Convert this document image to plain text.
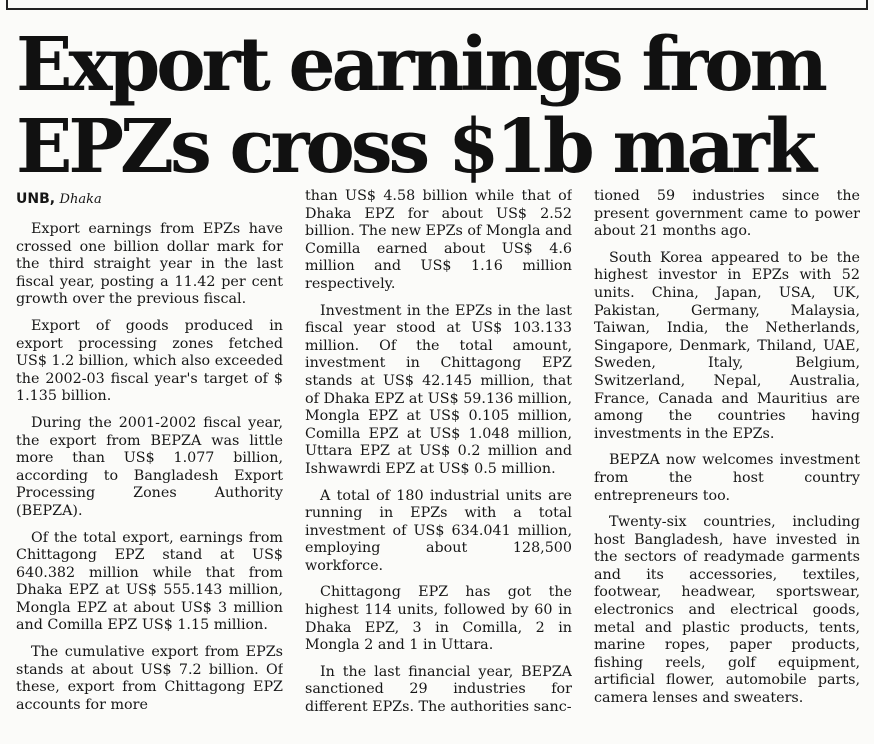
Export earnings from EPZs cross $1b mark
UNB, Dhaka

Export earnings from EPZs have crossed one billion dollar mark for the third straight year in the last fiscal year, posting a 11.42 per cent growth over the previous fiscal.

Export of goods produced in export processing zones fetched US$ 1.2 billion, which also exceeded the 2002-03 fiscal year's target of $ 1.135 billion.

During the 2001-2002 fiscal year, the export from BEPZA was little more than US$ 1.077 billion, according to Bangladesh Export Processing Zones Authority (BEPZA).

Of the total export, earnings from Chittagong EPZ stand at US$ 640.382 million while that from Dhaka EPZ at US$ 555.143 million, Mongla EPZ at about US$ 3 million and Comilla EPZ US$ 1.15 million.

The cumulative export from EPZs stands at about US$ 7.2 billion. Of these, export from Chittagong EPZ accounts for more

than US$ 4.58 billion while that of Dhaka EPZ for about US$ 2.52 billion. The new EPZs of Mongla and Comilla earned about US$ 4.6 million and US$ 1.16 million respectively.

Investment in the EPZs in the last fiscal year stood at US$ 103.133 million. Of the total amount, investment in Chittagong EPZ stands at US$ 42.145 million, that of Dhaka EPZ at US$ 59.136 million, Mongla EPZ at US$ 0.105 million, Comilla EPZ at US$ 1.048 million, Uttara EPZ at US$ 0.2 million and Ishwawrdi EPZ at US$ 0.5 million.

A total of 180 industrial units are running in EPZs with a total investment of US$ 634.041 million, employing about 128,500 workforce.

Chittagong EPZ has got the highest 114 units, followed by 60 in Dhaka EPZ, 3 in Comilla, 2 in Mongla 2 and 1 in Uttara.

In the last financial year, BEPZA sanctioned 29 industries for different EPZs. The authorities sanc-

tioned 59 industries since the present government came to power about 21 months ago.

South Korea appeared to be the highest investor in EPZs with 52 units. China, Japan, USA, UK, Pakistan, Germany, Malaysia, Taiwan, India, the Netherlands, Singapore, Denmark, Thiland, UAE, Sweden, Italy, Belgium, Switzerland, Nepal, Australia, France, Canada and Mauritius are among the countries having investments in the EPZs.

BEPZA now welcomes investment from the host country entrepreneurs too.

Twenty-six countries, including host Bangladesh, have invested in the sectors of readymade garments and its accessories, textiles, footwear, headwear, sportswear, electronics and electrical goods, metal and plastic products, tents, marine ropes, paper products, fishing reels, golf equipment, artificial flower, automobile parts, camera lenses and sweaters.
